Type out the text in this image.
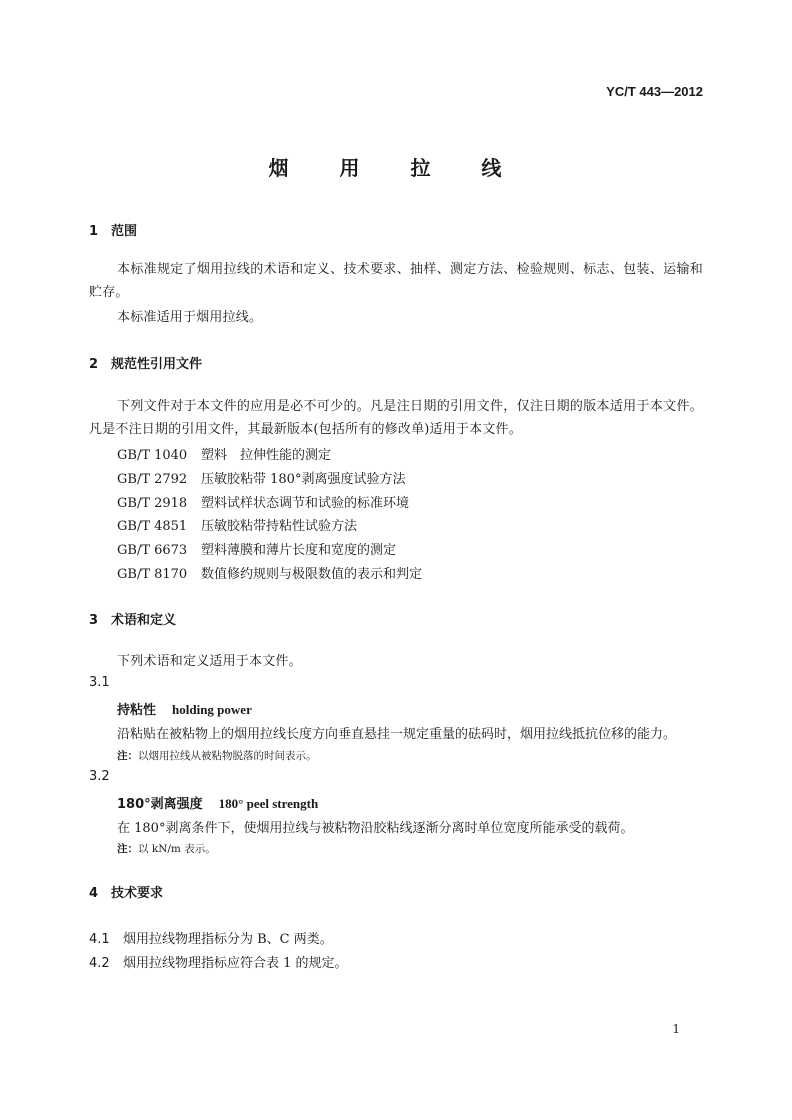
YC/T 443—2012
烟 用 拉 线
1 范围
本标准规定了烟用拉线的术语和定义、技术要求、抽样、测定方法、检验规则、标志、包装、运输和贮存。
本标准适用于烟用拉线。
2 规范性引用文件
下列文件对于本文件的应用是必不可少的。凡是注日期的引用文件，仅注日期的版本适用于本文件。凡是不注日期的引用文件，其最新版本(包括所有的修改单)适用于本文件。
GB/T 1040 塑料　拉伸性能的测定
GB/T 2792 压敏胶粘带 180°剥离强度试验方法
GB/T 2918 塑料试样状态调节和试验的标准环境
GB/T 4851 压敏胶粘带持粘性试验方法
GB/T 6673 塑料薄膜和薄片长度和宽度的测定
GB/T 8170 数值修约规则与极限数值的表示和判定
3 术语和定义
下列术语和定义适用于本文件。
3.1
持粘性 holding power
沿粘贴在被粘物上的烟用拉线长度方向垂直悬挂一规定重量的砝码时，烟用拉线抵抗位移的能力。
注：以烟用拉线从被粘物脱落的时间表示。
3.2
180°剥离强度 180° peel strength
在 180°剥离条件下，使烟用拉线与被粘物沿胶粘线逐渐分离时单位宽度所能承受的载荷。
注：以 kN/m 表示。
4 技术要求
4.1 烟用拉线物理指标分为 B、C 两类。
4.2 烟用拉线物理指标应符合表 1 的规定。
1
